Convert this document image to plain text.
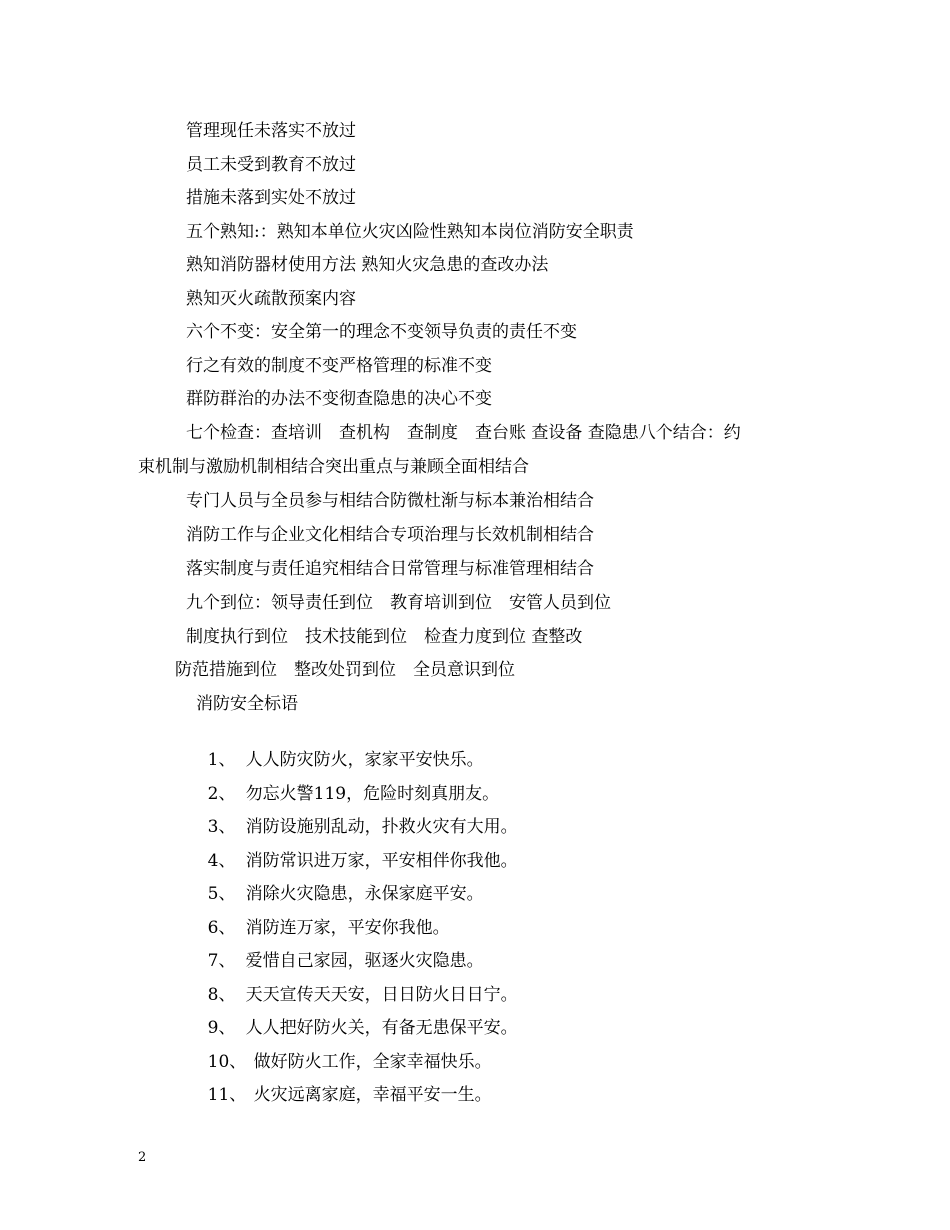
管理现任未落实不放过
员工未受到教育不放过
措施未落到实处不放过
五个熟知:：熟知本单位火灾凶险性熟知本岗位消防安全职责
熟知消防器材使用方法 熟知火灾急患的查改办法
熟知灭火疏散预案内容
六个不变：安全第一的理念不变领导负责的责任不变
行之有效的制度不变严格管理的标准不变
群防群治的办法不变彻查隐患的决心不变
七个检查：查培训　查机构　查制度　查台账 查设备 查隐患八个结合：约
束机制与激励机制相结合突出重点与兼顾全面相结合
专门人员与全员参与相结合防微杜渐与标本兼治相结合
消防工作与企业文化相结合专项治理与长效机制相结合
落实制度与责任追究相结合日常管理与标准管理相结合
九个到位：领导责任到位　教育培训到位　安管人员到位
制度执行到位　技术技能到位　检查力度到位 查整改
防范措施到位　整改处罚到位　全员意识到位
消防安全标语

1、 人人防灾防火，家家平安快乐。

2、 勿忘火警119，危险时刻真朋友。

3、 消防设施别乱动，扑救火灾有大用。

4、 消防常识进万家，平安相伴你我他。

5、 消除火灾隐患，永保家庭平安。

6、 消防连万家，平安你我他。

7、 爱惜自己家园，驱逐火灾隐患。

8、 天天宣传天天安，日日防火日日宁。

9、 人人把好防火关，有备无患保平安。

10、 做好防火工作，全家幸福快乐。

11、 火灾远离家庭，幸福平安一生。

2
